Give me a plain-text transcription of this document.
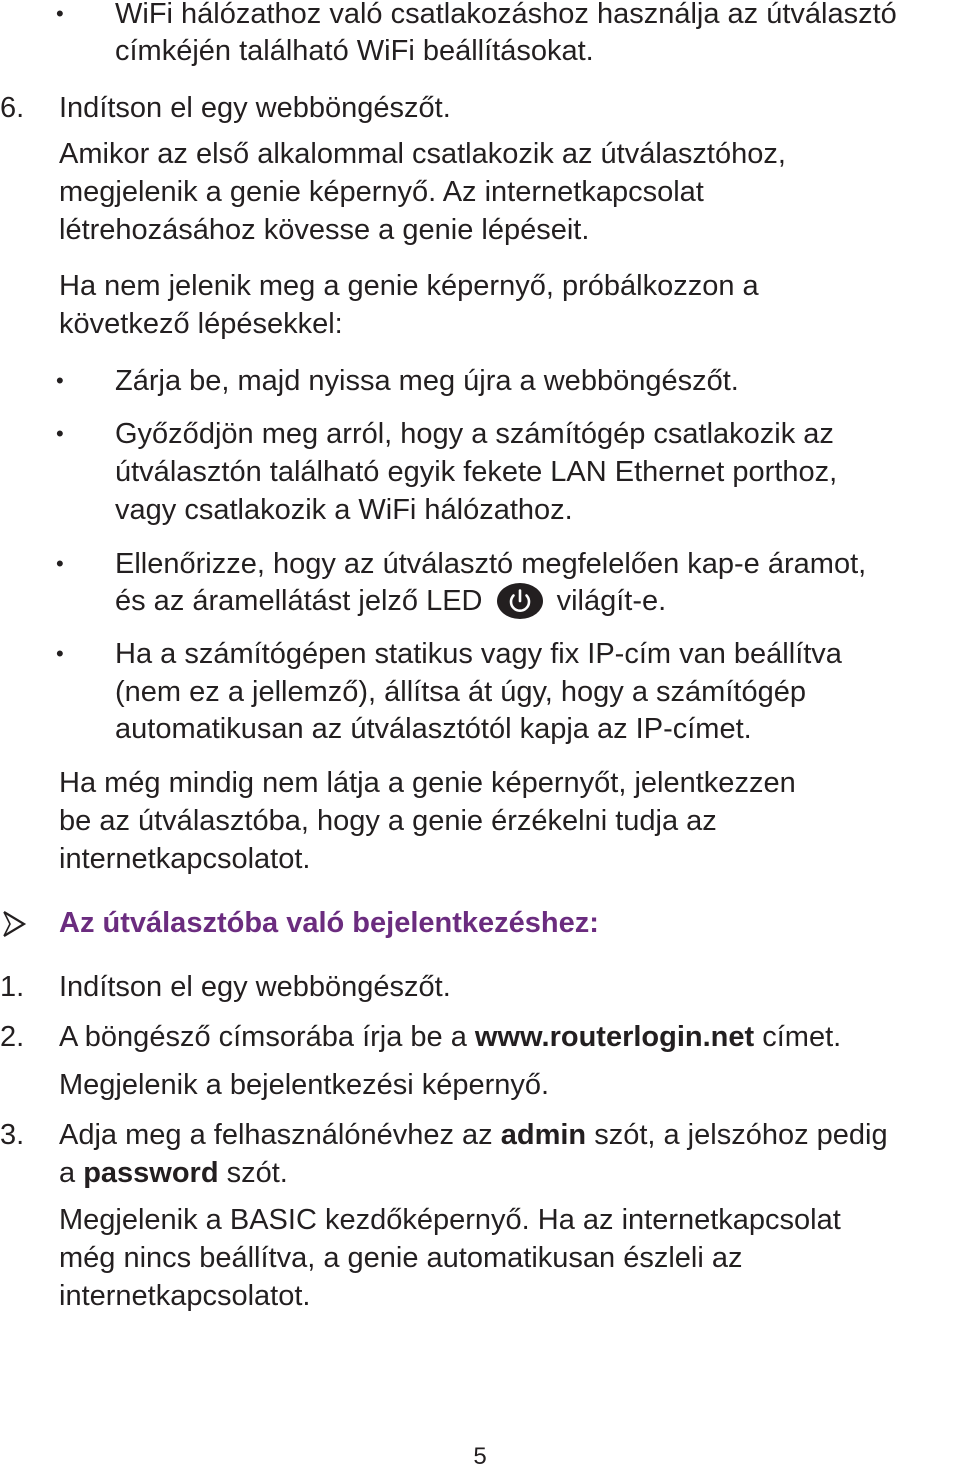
• WiFi hálózathoz való csatlakozáshoz használja az útválasztó
címkéjén található WiFi beállításokat.
6. Indítson el egy webböngészőt.
Amikor az első alkalommal csatlakozik az útválasztóhoz,
megjelenik a genie képernyő. Az internetkapcsolat
létrehozásához kövesse a genie lépéseit.
Ha nem jelenik meg a genie képernyő, próbálkozzon a
következő lépésekkel:
• Zárja be, majd nyissa meg újra a webböngészőt.
• Győződjön meg arról, hogy a számítógép csatlakozik az
útválasztón található egyik fekete LAN Ethernet porthoz,
vagy csatlakozik a WiFi hálózathoz.
• Ellenőrizze, hogy az útválasztó megfelelően kap-e áramot,
és az áramellátást jelző LED	világít-e.
• Ha a számítógépen statikus vagy fix IP-cím van beállítva
(nem ez a jellemző), állítsa át úgy, hogy a számítógép
automatikusan az útválasztótól kapja az IP-címet.
Ha még mindig nem látja a genie képernyőt, jelentkezzen
be az útválasztóba, hogy a genie érzékelni tudja az
internetkapcsolatot.
Az útválasztóba való bejelentkezéshez:
1. Indítson el egy webböngészőt.
2. A böngésző címsorába írja be a www.routerlogin.net címet.
Megjelenik a bejelentkezési képernyő.
3. Adja meg a felhasználónévhez az admin szót, a jelszóhoz pedig
a password szót.
Megjelenik a BASIC kezdőképernyő. Ha az internetkapcsolat
még nincs beállítva, a genie automatikusan észleli az
internetkapcsolatot.
5
